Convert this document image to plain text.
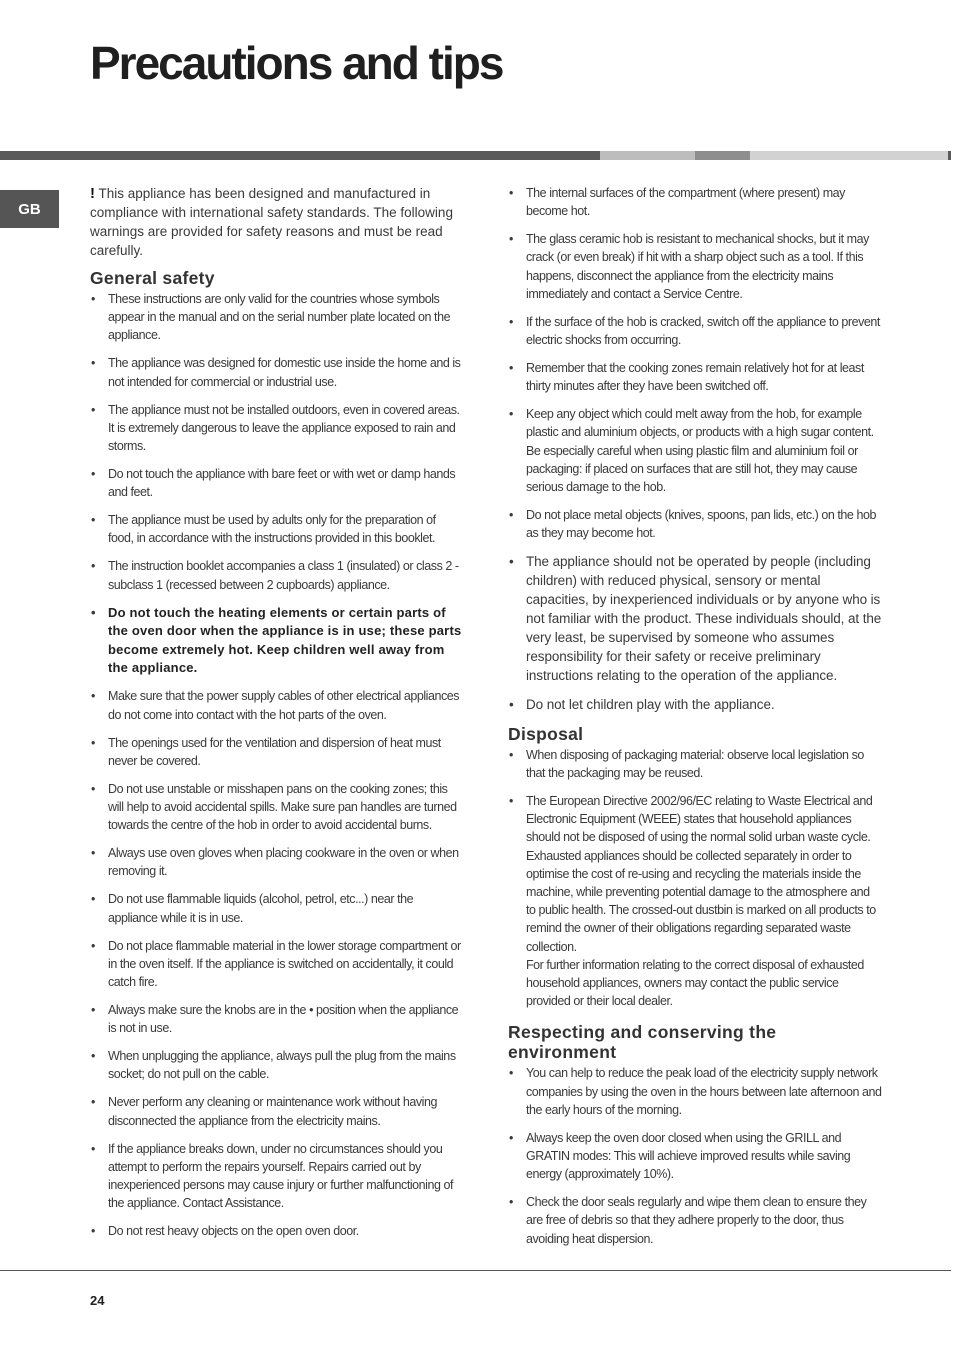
Precautions and tips
GB

! This appliance has been designed and manufactured in compliance with international safety standards. The following warnings are provided for safety reasons and must be read carefully.

General safety
• These instructions are only valid for the countries whose symbols appear in the manual and on the serial number plate located on the appliance.
• The appliance was designed for domestic use inside the home and is not intended for commercial or industrial use.
• The appliance must not be installed outdoors, even in covered areas. It is extremely dangerous to leave the appliance exposed to rain and storms.
• Do not touch the appliance with bare feet or with wet or damp hands and feet.
• The appliance must be used by adults only for the preparation of food, in accordance with the instructions provided in this booklet.
• The instruction booklet accompanies a class 1 (insulated) or class 2 - subclass 1 (recessed between 2 cupboards) appliance.
• Do not touch the heating elements or certain parts of the oven door when the appliance is in use; these parts become extremely hot. Keep children well away from the appliance.
• Make sure that the power supply cables of other electrical appliances do not come into contact with the hot parts of the oven.
• The openings used for the ventilation and dispersion of heat must never be covered.
• Do not use unstable or misshapen pans on the cooking zones; this will help to avoid accidental spills. Make sure pan handles are turned towards the centre of the hob in order to avoid accidental burns.
• Always use oven gloves when placing cookware in the oven or when removing it.
• Do not use flammable liquids (alcohol, petrol, etc...) near the appliance while it is in use.
• Do not place flammable material in the lower storage compartment or in the oven itself. If the appliance is switched on accidentally, it could catch fire.
• Always make sure the knobs are in the • position when the appliance is not in use.
• When unplugging the appliance, always pull the plug from the mains socket; do not pull on the cable.
• Never perform any cleaning or maintenance work without having disconnected the appliance from the electricity mains.
• If the appliance breaks down, under no circumstances should you attempt to perform the repairs yourself. Repairs carried out by inexperienced persons may cause injury or further malfunctioning of the appliance. Contact Assistance.
• Do not rest heavy objects on the open oven door.
• The internal surfaces of the compartment (where present) may become hot.
• The glass ceramic hob is resistant to mechanical shocks, but it may crack (or even break) if hit with a sharp object such as a tool. If this happens, disconnect the appliance from the electricity mains immediately and contact a Service Centre.
• If the surface of the hob is cracked, switch off the appliance to prevent electric shocks from occurring.
• Remember that the cooking zones remain relatively hot for at least thirty minutes after they have been switched off.
• Keep any object which could melt away from the hob, for example plastic and aluminium objects, or products with a high sugar content. Be especially careful when using plastic film and aluminium foil or packaging: if placed on surfaces that are still hot, they may cause serious damage to the hob.
• Do not place metal objects (knives, spoons, pan lids, etc.) on the hob as they may become hot.
• The appliance should not be operated by people (including children) with reduced physical, sensory or mental capacities, by inexperienced individuals or by anyone who is not familiar with the product. These individuals should, at the very least, be supervised by someone who assumes responsibility for their safety or receive preliminary instructions relating to the operation of the appliance.
• Do not let children play with the appliance.
Disposal
• When disposing of packaging material: observe local legislation so that the packaging may be reused.
• The European Directive 2002/96/EC relating to Waste Electrical and Electronic Equipment (WEEE) states that household appliances should not be disposed of using the normal solid urban waste cycle. Exhausted appliances should be collected separately in order to optimise the cost of re-using and recycling the materials inside the machine, while preventing potential damage to the atmosphere and to public health. The crossed-out dustbin is marked on all products to remind the owner of their obligations regarding separated waste collection.

For further information relating to the correct disposal of exhausted household appliances, owners may contact the public service provided or their local dealer.

Respecting and conserving the environment
• You can help to reduce the peak load of the electricity supply network companies by using the oven in the hours between late afternoon and the early hours of the morning.
• Always keep the oven door closed when using the GRILL and GRATIN modes: This will achieve improved results while saving energy (approximately 10%).
• Check the door seals regularly and wipe them clean to ensure they are free of debris so that they adhere properly to the door, thus avoiding heat dispersion.
24
